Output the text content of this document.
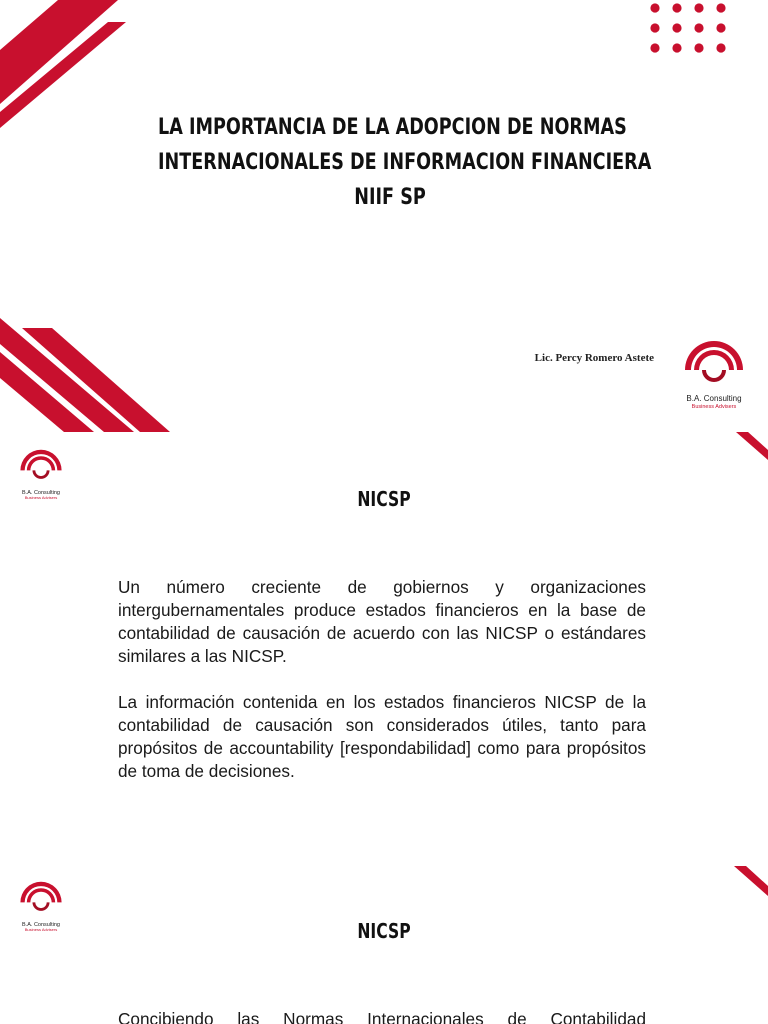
LA IMPORTANCIA DE LA ADOPCION DE NORMAS
INTERNACIONALES DE INFORMACION FINANCIERA
NIIF SP
Lic. Percy Romero Astete
B.A. Consulting
Business Advisers
B.A. Consulting
Business Advisers	NICSP
Un número creciente de gobiernos y organizaciones intergubernamentales produce estados financieros en la base de contabilidad de causación de acuerdo con las NICSP o estándares similares a las NICSP.
La información contenida en los estados financieros NICSP de la contabilidad de causación son considerados útiles, tanto para propósitos de accountability [respondabilidad] como para propósitos de toma de decisiones.
B.A. Consulting
Business Advisers	NICSP
Concibiendo las Normas Internacionales de Contabilidad
